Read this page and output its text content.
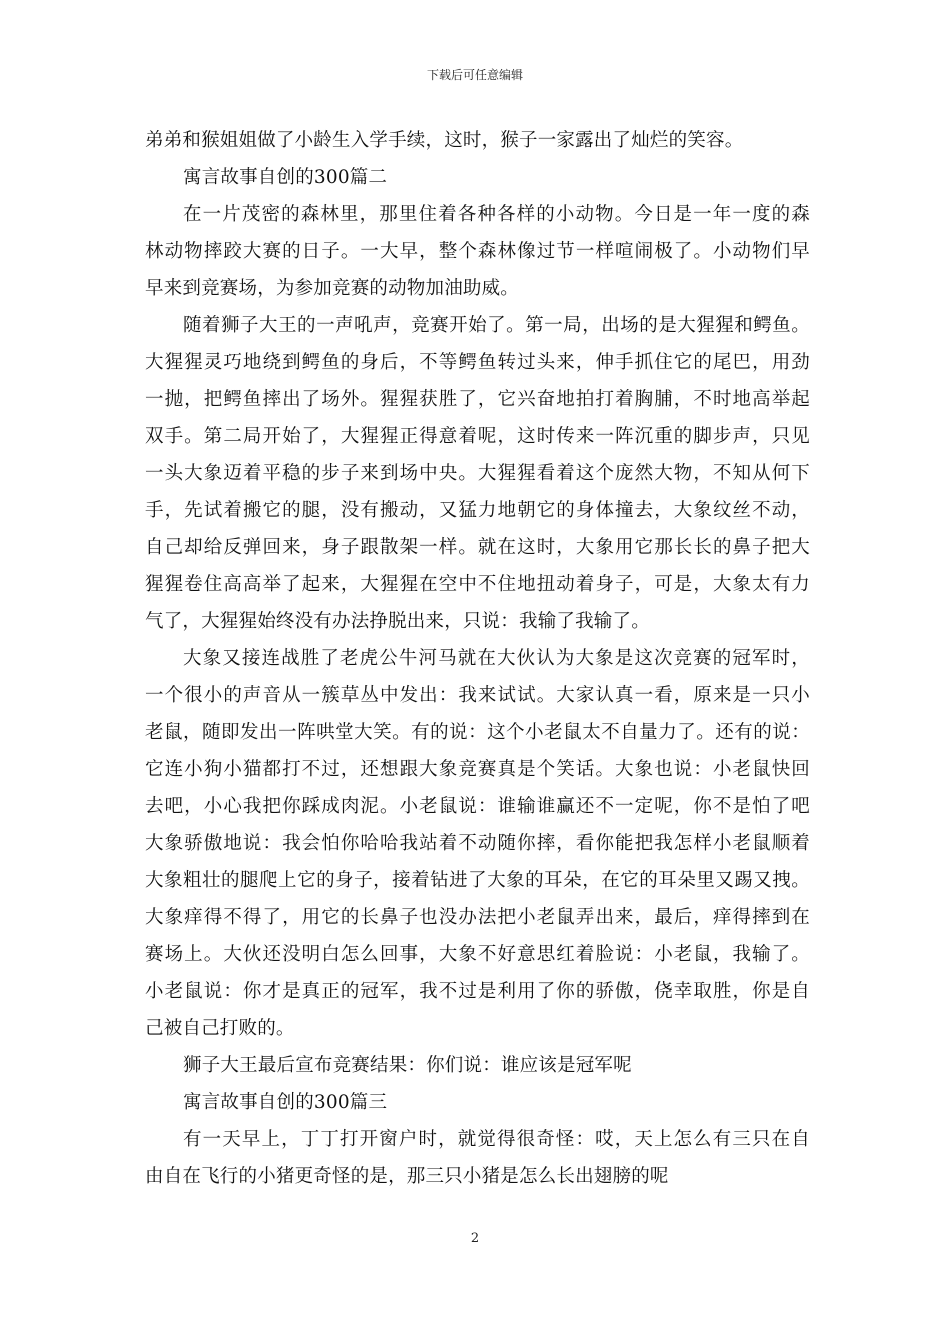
下载后可任意编辑
弟弟和猴姐姐做了小龄生入学手续，这时，猴子一家露出了灿烂的笑容。
寓言故事自创的300篇二
在一片茂密的森林里，那里住着各种各样的小动物。今日是一年一度的森
林动物摔跤大赛的日子。一大早，整个森林像过节一样喧闹极了。小动物们早
早来到竞赛场，为参加竞赛的动物加油助威。
随着狮子大王的一声吼声，竞赛开始了。第一局，出场的是大猩猩和鳄鱼。
大猩猩灵巧地绕到鳄鱼的身后，不等鳄鱼转过头来，伸手抓住它的尾巴，用劲
一抛，把鳄鱼摔出了场外。猩猩获胜了，它兴奋地拍打着胸脯，不时地高举起
双手。第二局开始了，大猩猩正得意着呢，这时传来一阵沉重的脚步声，只见
一头大象迈着平稳的步子来到场中央。大猩猩看着这个庞然大物，不知从何下
手，先试着搬它的腿，没有搬动，又猛力地朝它的身体撞去，大象纹丝不动，
自己却给反弹回来，身子跟散架一样。就在这时，大象用它那长长的鼻子把大
猩猩卷住高高举了起来，大猩猩在空中不住地扭动着身子，可是，大象太有力
气了，大猩猩始终没有办法挣脱出来，只说：我输了我输了。
大象又接连战胜了老虎公牛河马就在大伙认为大象是这次竞赛的冠军时，
一个很小的声音从一簇草丛中发出：我来试试。大家认真一看，原来是一只小
老鼠，随即发出一阵哄堂大笑。有的说：这个小老鼠太不自量力了。还有的说：
它连小狗小猫都打不过，还想跟大象竞赛真是个笑话。大象也说：小老鼠快回
去吧，小心我把你踩成肉泥。小老鼠说：谁输谁赢还不一定呢，你不是怕了吧
大象骄傲地说：我会怕你哈哈我站着不动随你摔，看你能把我怎样小老鼠顺着
大象粗壮的腿爬上它的身子，接着钻进了大象的耳朵，在它的耳朵里又踢又拽。
大象痒得不得了，用它的长鼻子也没办法把小老鼠弄出来，最后，痒得摔到在
赛场上。大伙还没明白怎么回事，大象不好意思红着脸说：小老鼠，我输了。
小老鼠说：你才是真正的冠军，我不过是利用了你的骄傲，侥幸取胜，你是自
己被自己打败的。
狮子大王最后宣布竞赛结果：你们说：谁应该是冠军呢
寓言故事自创的300篇三
有一天早上，丁丁打开窗户时，就觉得很奇怪：哎，天上怎么有三只在自
由自在飞行的小猪更奇怪的是，那三只小猪是怎么长出翅膀的呢
2
